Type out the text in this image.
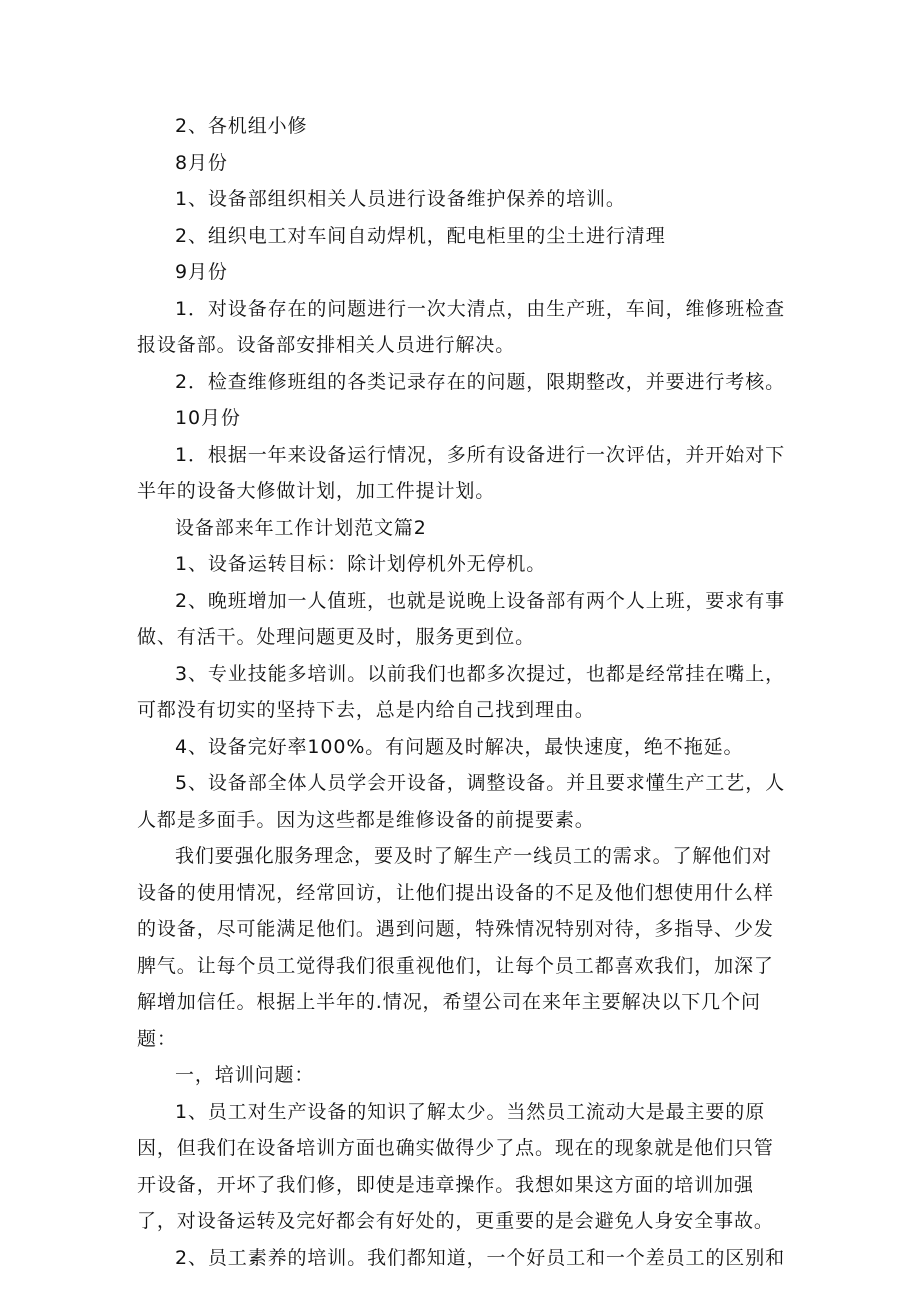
2、各机组小修

8月份

1、设备部组织相关人员进行设备维护保养的培训。

2、组织电工对车间自动焊机，配电柜里的尘土进行清理

9月份

1．对设备存在的问题进行一次大清点，由生产班，车间，维修班检查报设备部。设备部安排相关人员进行解决。

2．检查维修班组的各类记录存在的问题，限期整改，并要进行考核。

10月份

1．根据一年来设备运行情况，多所有设备进行一次评估，并开始对下半年的设备大修做计划，加工件提计划。

设备部来年工作计划范文篇2

1、设备运转目标：除计划停机外无停机。

2、晚班增加一人值班，也就是说晚上设备部有两个人上班，要求有事做、有活干。处理问题更及时，服务更到位。

3、专业技能多培训。以前我们也都多次提过，也都是经常挂在嘴上，可都没有切实的坚持下去，总是内给自己找到理由。

4、设备完好率100%。有问题及时解决，最快速度，绝不拖延。

5、设备部全体人员学会开设备，调整设备。并且要求懂生产工艺，人人都是多面手。因为这些都是维修设备的前提要素。

我们要强化服务理念，要及时了解生产一线员工的需求。了解他们对设备的使用情况，经常回访，让他们提出设备的不足及他们想使用什么样的设备，尽可能满足他们。遇到问题，特殊情况特别对待，多指导、少发脾气。让每个员工觉得我们很重视他们，让每个员工都喜欢我们，加深了解增加信任。根据上半年的.情况，希望公司在来年主要解决以下几个问题：

一，培训问题：

1、员工对生产设备的知识了解太少。当然员工流动大是最主要的原因，但我们在设备培训方面也确实做得少了点。现在的现象就是他们只管开设备，开坏了我们修，即使是违章操作。我想如果这方面的培训加强了，对设备运转及完好都会有好处的，更重要的是会避免人身安全事故。

2、员工素养的培训。我们都知道，一个好员工和一个差员工的区别和
